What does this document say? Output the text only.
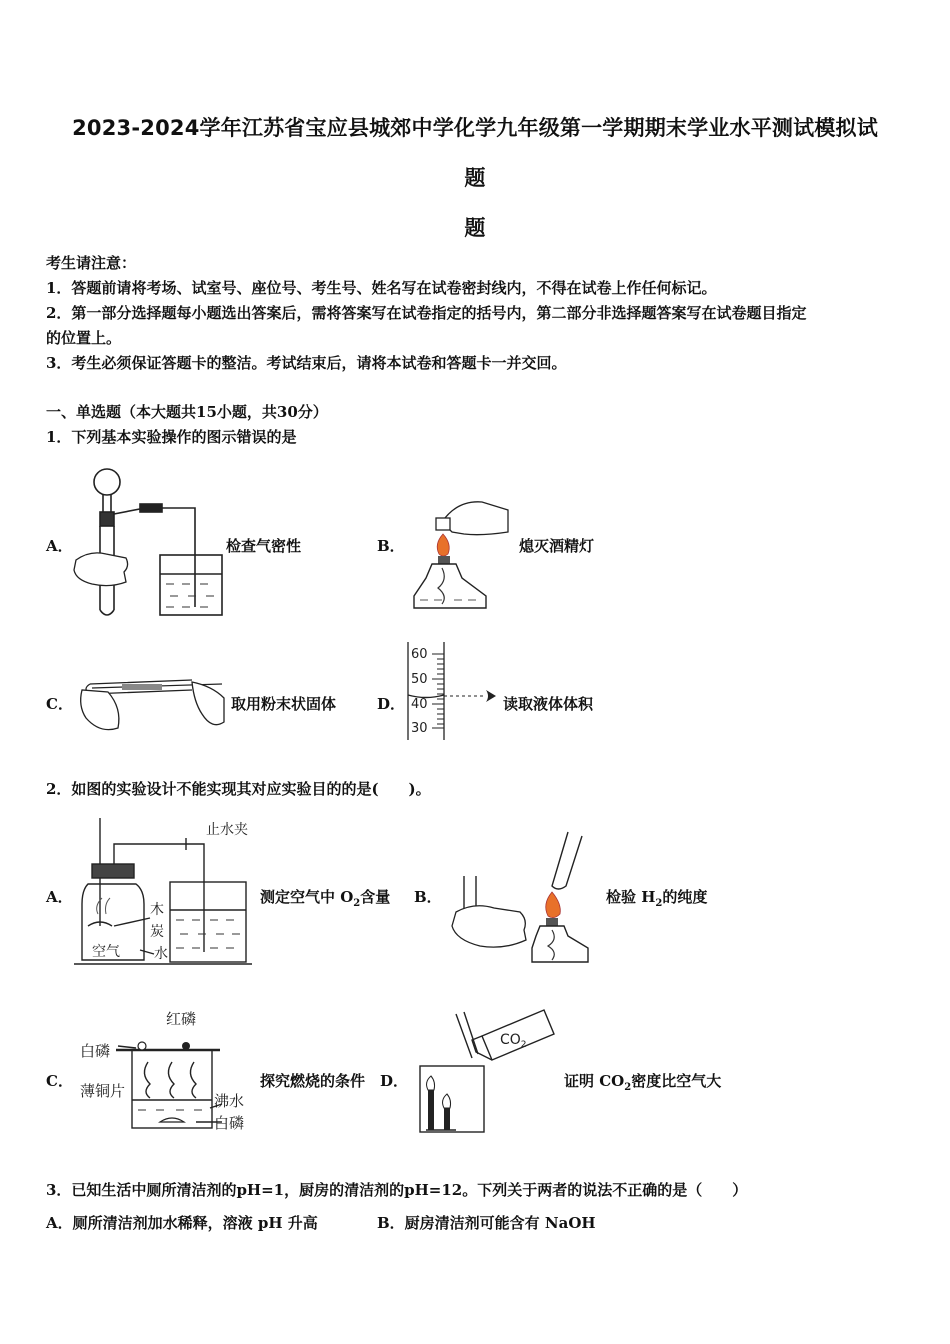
2023-2024学年江苏省宝应县城郊中学化学九年级第一学期期末学业水平测试模拟试
题
题
考生请注意：
1．答题前请将考场、试室号、座位号、考生号、姓名写在试卷密封线内，不得在试卷上作任何标记。
2．第一部分选择题每小题选出答案后，需将答案写在试卷指定的括号内，第二部分非选择题答案写在试卷题目指定
的位置上。
3．考生必须保证答题卡的整洁。考试结束后，请将本试卷和答题卡一并交回。
一、单选题（本大题共15小题，共30分）
1．下列基本实验操作的图示错误的是
A．	检查气密性	B．	熄灭酒精灯
C．	取用粉末状固体	D．
60
50
40
30
读取液体体积
2．如图的实验设计不能实现其对应实验目的的是(　　)。
A．
止水夹
木
炭
空气 水
测定空气中 $O_2$含量 B．	检验 $H_2$的纯度
C．
红磷
白磷
薄铜片
沸水
白磷
探究燃烧的条件 D．
$CO_2$
证明 $CO_2$密度比空气大
3．已知生活中厕所清洁剂的pH=1，厨房的清洁剂的pH=12。下列关于两者的说法不正确的是（　　）
A．厕所清洁剂加水稀释，溶液 pH 升高	B．厨房清洁剂可能含有 NaOH
